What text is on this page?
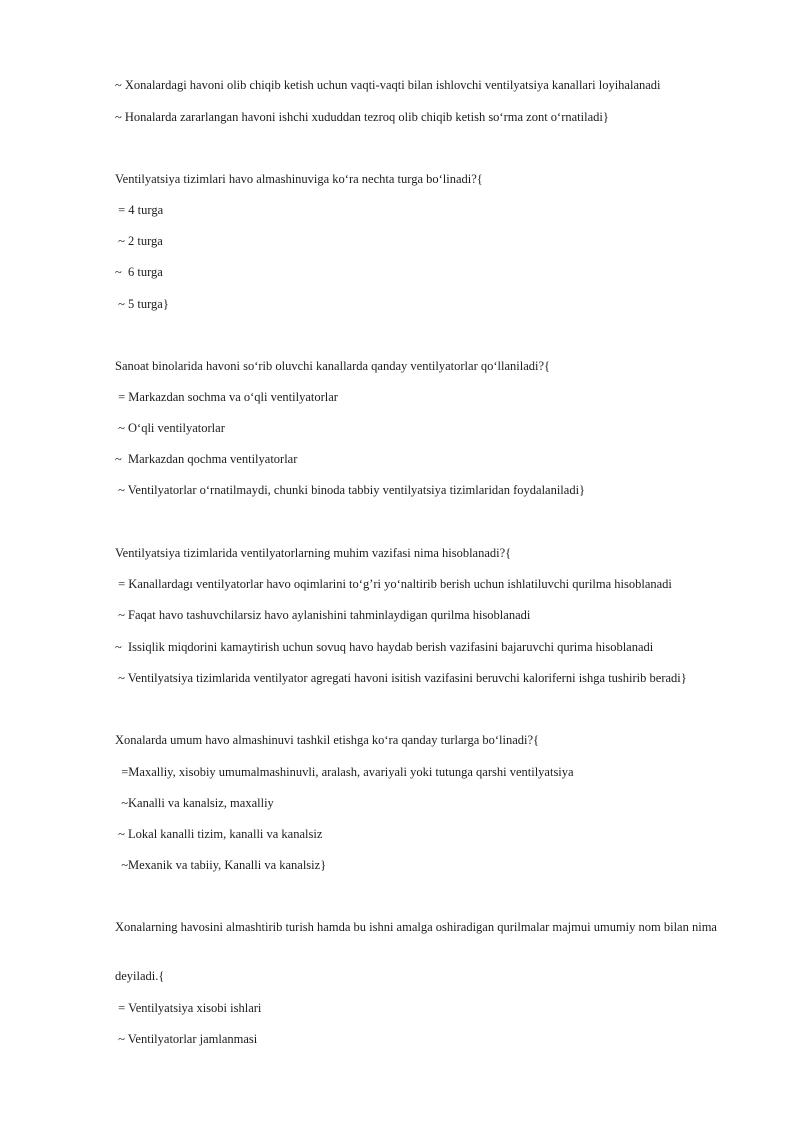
~ Xonalardagi havoni olib chiqib ketish uchun vaqti-vaqti bilan ishlovchi ventilyatsiya kanallari loyihalanadi
~ Honalarda zararlangan havoni ishchi xududdan tezroq olib chiqib ketish so‘rma zont o‘rnatiladi}
Ventilyatsiya tizimlari havo almashinuviga ko‘ra nechta turga bo‘linadi?{
= 4 turga
~ 2 turga
~  6 turga
~ 5 turga}
Sanoat binolarida havoni so‘rib oluvchi kanallarda qanday ventilyatorlar qo‘llaniladi?{
= Markazdan sochma va o‘qli ventilyatorlar
~ O‘qli ventilyatorlar
~  Markazdan qochma ventilyatorlar
~ Ventilyatorlar o‘rnatilmaydi, chunki binoda tabbiy ventilyatsiya tizimlaridan foydalaniladi}
Ventilyatsiya tizimlarida ventilyatorlarning muhim vazifasi nima hisoblanadi?{
= Kanallardagı ventilyatorlar havo oqimlarini to‘g’ri yo‘naltirib berish uchun ishlatiluvchi qurilma hisoblanadi
~ Faqat havo tashuvchilarsiz havo aylanishini tahminlaydigan qurilma hisoblanadi
~  Issiqlik miqdorini kamaytirish uchun sovuq havo haydab berish vazifasini bajaruvchi qurima hisoblanadi
~ Ventilyatsiya tizimlarida ventilyator agregati havoni isitish vazifasini beruvchi kaloriferni ishga tushirib beradi}
Xonalarda umum havo almashinuvi tashkil etishga ko‘ra qanday turlarga bo‘linadi?{
=Maxalliy, xisobiy umumalmashinuvli, aralash, avariyali yoki tutunga qarshi ventilyatsiya
~Kanalli va kanalsiz, maxalliy
~ Lokal kanalli tizim, kanalli va kanalsiz
~Mexanik va tabiiy, Kanalli va kanalsiz}
Xonalarning havosini almashtirib turish hamda bu ishni amalga oshiradigan qurilmalar majmui umumiy nom bilan nima
deyiladi.{
= Ventilyatsiya xisobi ishlari
~ Ventilyatorlar jamlanmasi
